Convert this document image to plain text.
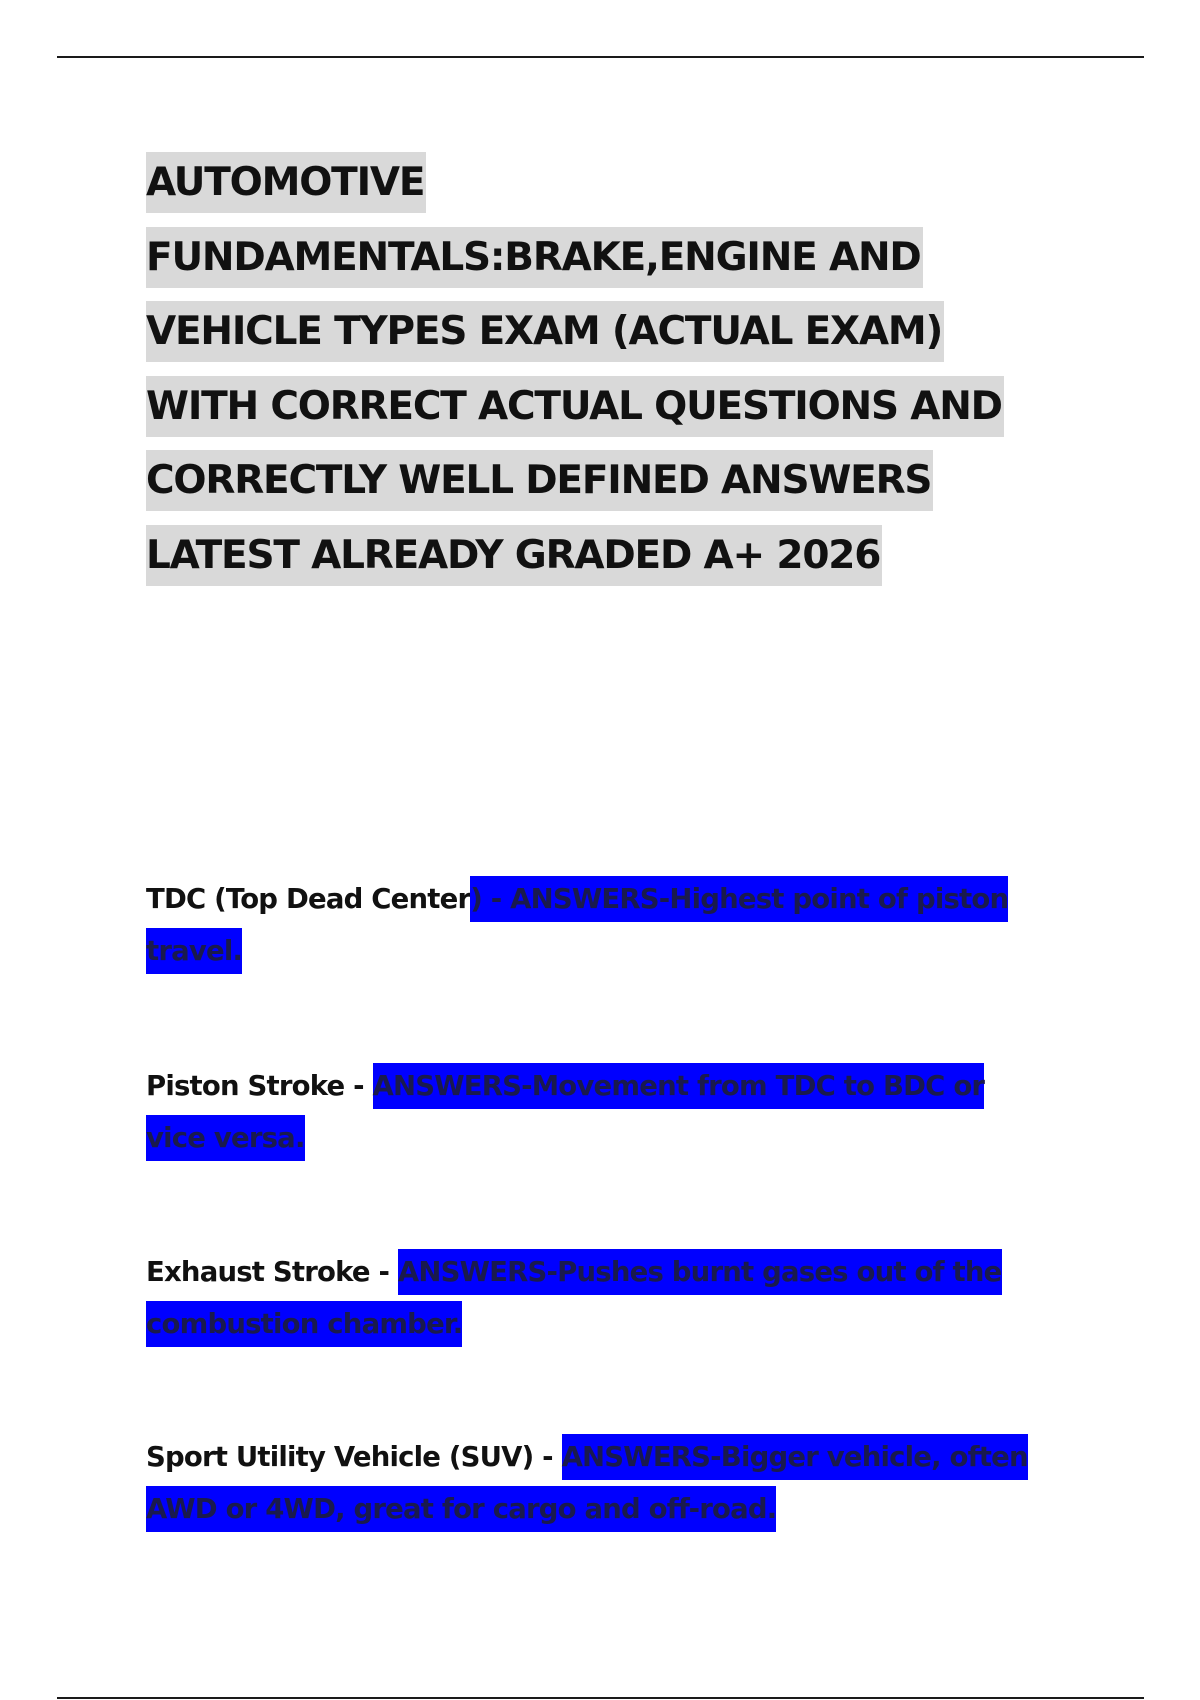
AUTOMOTIVE
FUNDAMENTALS:BRAKE,ENGINE AND
VEHICLE TYPES EXAM (ACTUAL EXAM)
WITH CORRECT ACTUAL QUESTIONS AND
CORRECTLY WELL DEFINED ANSWERS
LATEST ALREADY GRADED A+ 2026

TDC (Top Dead Center) - ANSWERS-Highest point of piston travel.

Piston Stroke - ANSWERS-Movement from TDC to BDC or vice versa.

Exhaust Stroke - ANSWERS-Pushes burnt gases out of the combustion chamber.

Sport Utility Vehicle (SUV) - ANSWERS-Bigger vehicle, often AWD or 4WD, great for cargo and off-road.
